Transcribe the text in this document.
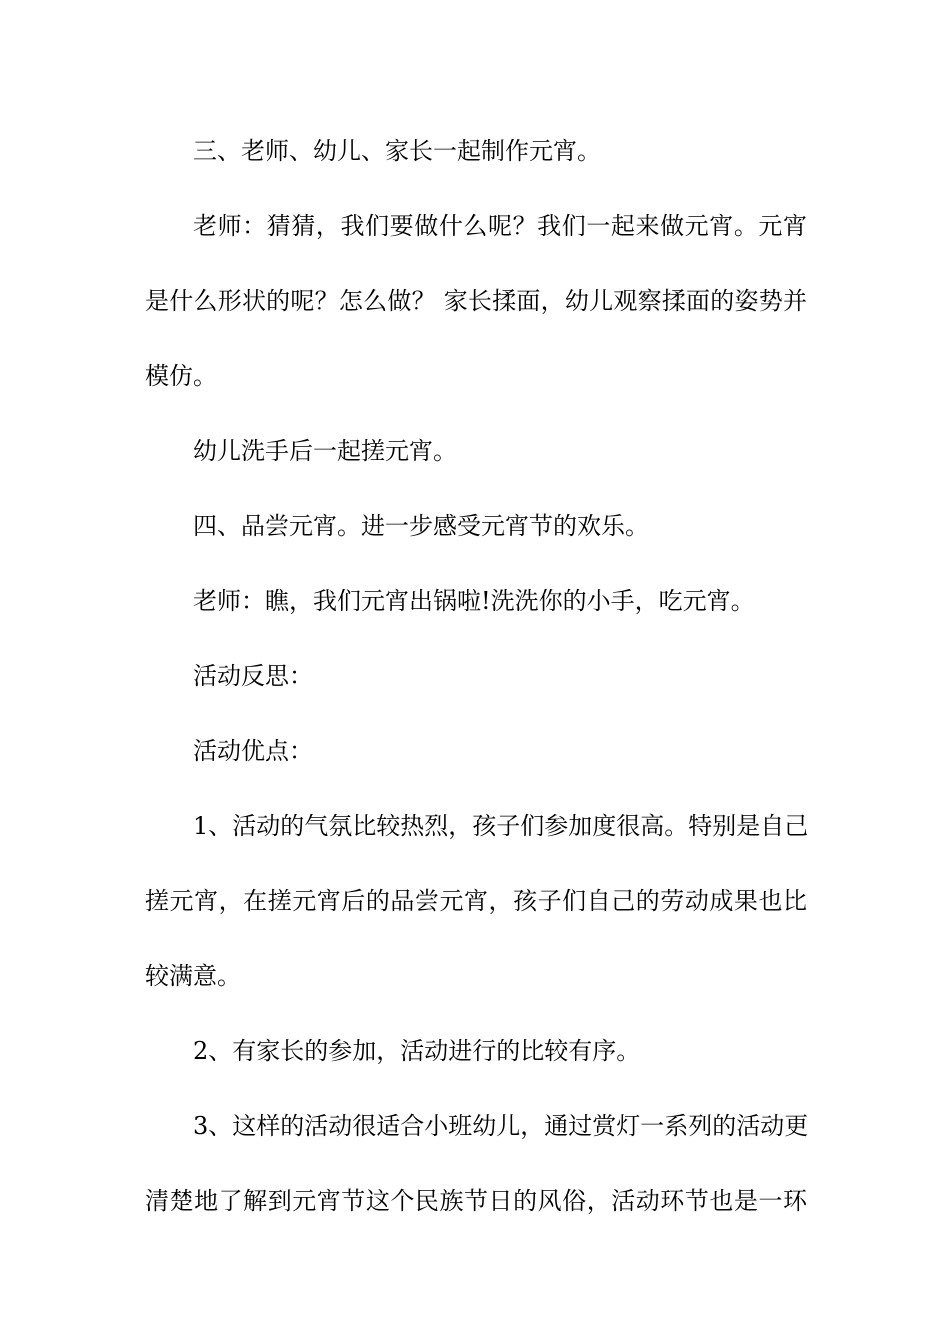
三、老师、幼儿、家长一起制作元宵。
老师：猜猜，我们要做什么呢？我们一起来做元宵。元宵
是什么形状的呢？怎么做？ 家长揉面，幼儿观察揉面的姿势并
模仿。
幼儿洗手后一起搓元宵。
四、品尝元宵。进一步感受元宵节的欢乐。
老师：瞧，我们元宵出锅啦!洗洗你的小手，吃元宵。
活动反思：
活动优点：
1、活动的气氛比较热烈，孩子们参加度很高。特别是自己
搓元宵，在搓元宵后的品尝元宵，孩子们自己的劳动成果也比
较满意。
2、有家长的参加，活动进行的比较有序。
3、这样的活动很适合小班幼儿，通过赏灯一系列的活动更
清楚地了解到元宵节这个民族节日的风俗，活动环节也是一环
